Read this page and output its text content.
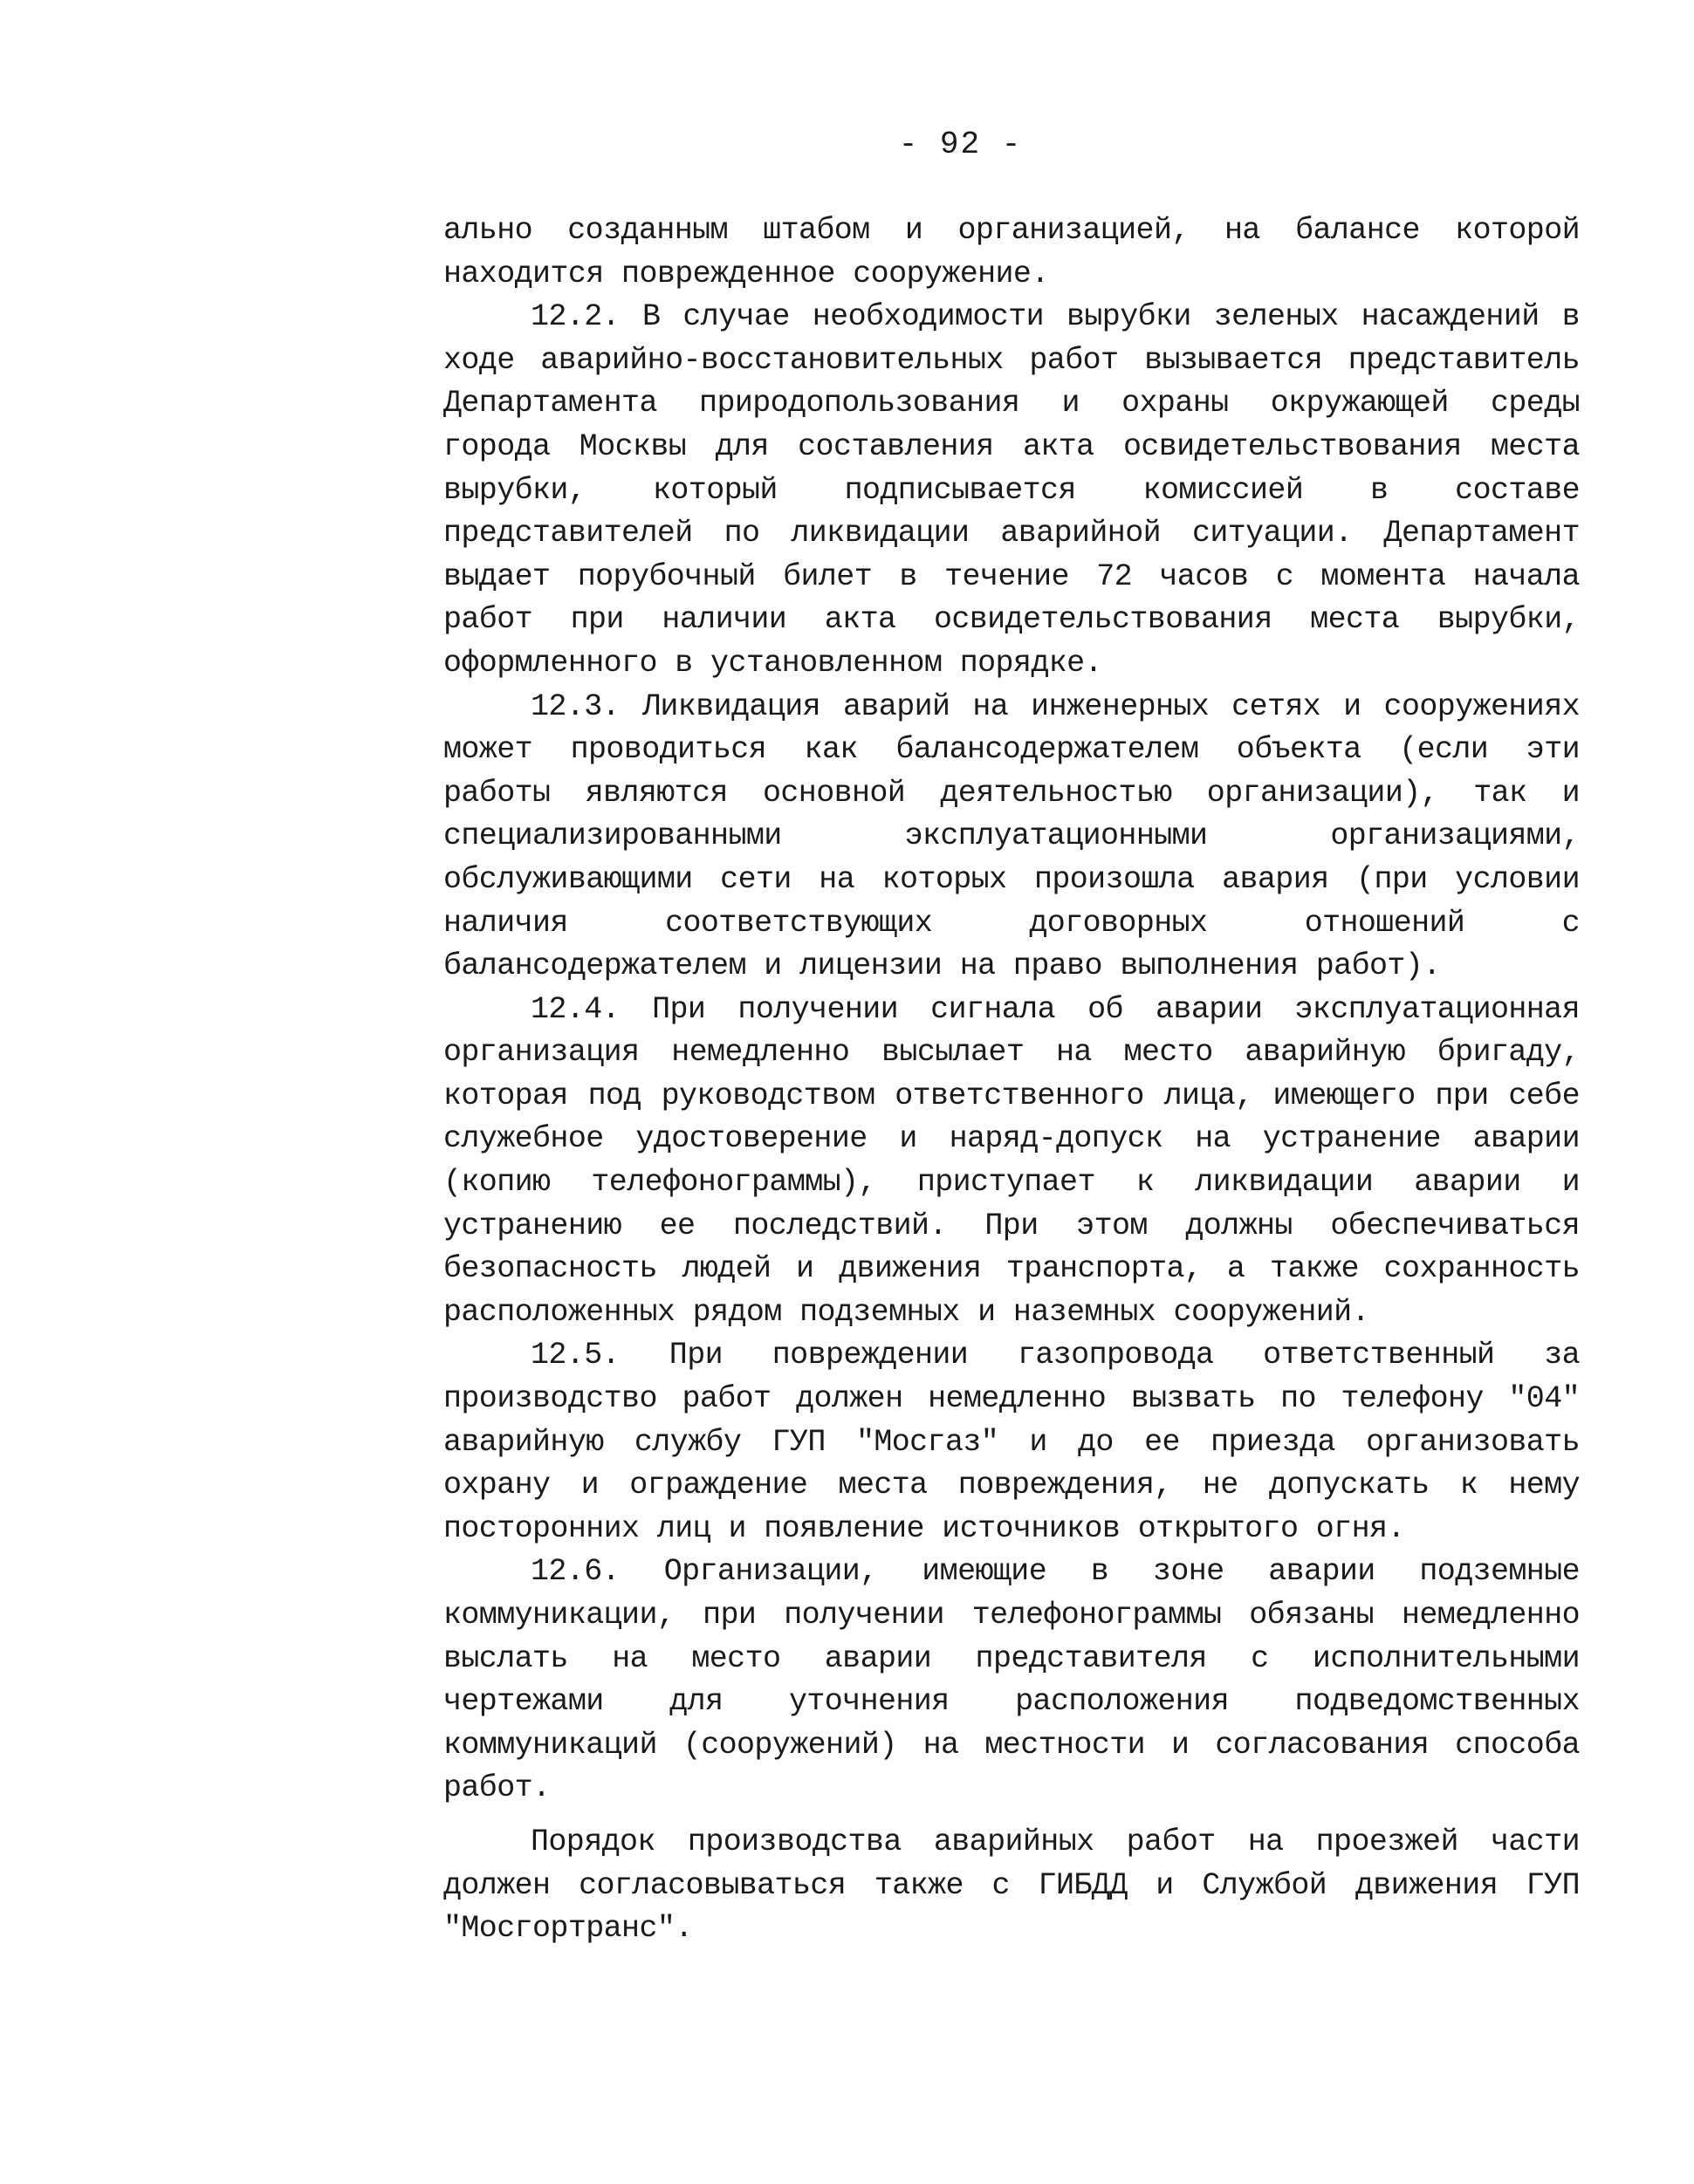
- 92 -

ально созданным штабом и организацией, на балансе которой находится поврежденное сооружение.

12.2. В случае необходимости вырубки зеленых насаждений в ходе аварийно-восстановительных работ вызывается представитель Департамента природопользования и охраны окружающей среды города Москвы для составления акта освидетельствования места вырубки, который подписывается комиссией в составе представителей по ликвидации аварийной ситуации. Департамент выдает порубочный билет в течение 72 часов с момента начала работ при наличии акта освидетельствования места вырубки, оформленного в установленном порядке.

12.3. Ликвидация аварий на инженерных сетях и сооружениях может проводиться как балансодержателем объекта (если эти работы являются основной деятельностью организации), так и специализированными эксплуатационными организациями, обслуживающими сети на которых произошла авария (при условии наличия соответствующих договорных отношений с балансодержателем и лицензии на право выполнения работ).

12.4. При получении сигнала об аварии эксплуатационная организация немедленно высылает на место аварийную бригаду, которая под руководством ответственного лица, имеющего при себе служебное удостоверение и наряд-допуск на устранение аварии (копию телефонограммы), приступает к ликвидации аварии и устранению ее последствий. При этом должны обеспечиваться безопасность людей и движения транспорта, а также сохранность расположенных рядом подземных и наземных сооружений.

12.5. При повреждении газопровода ответственный за производство работ должен немедленно вызвать по телефону "04" аварийную службу ГУП "Мосгаз" и до ее приезда организовать охрану и ограждение места повреждения, не допускать к нему посторонних лиц и появление источников открытого огня.

12.6. Организации, имеющие в зоне аварии подземные коммуникации, при получении телефонограммы обязаны немедленно выслать на место аварии представителя с исполнительными чертежами для уточнения расположения подведомственных коммуникаций (сооружений) на местности и согласования способа работ.

Порядок производства аварийных работ на проезжей части должен согласовываться также с ГИБДД и Службой движения ГУП "Мосгортранс".
